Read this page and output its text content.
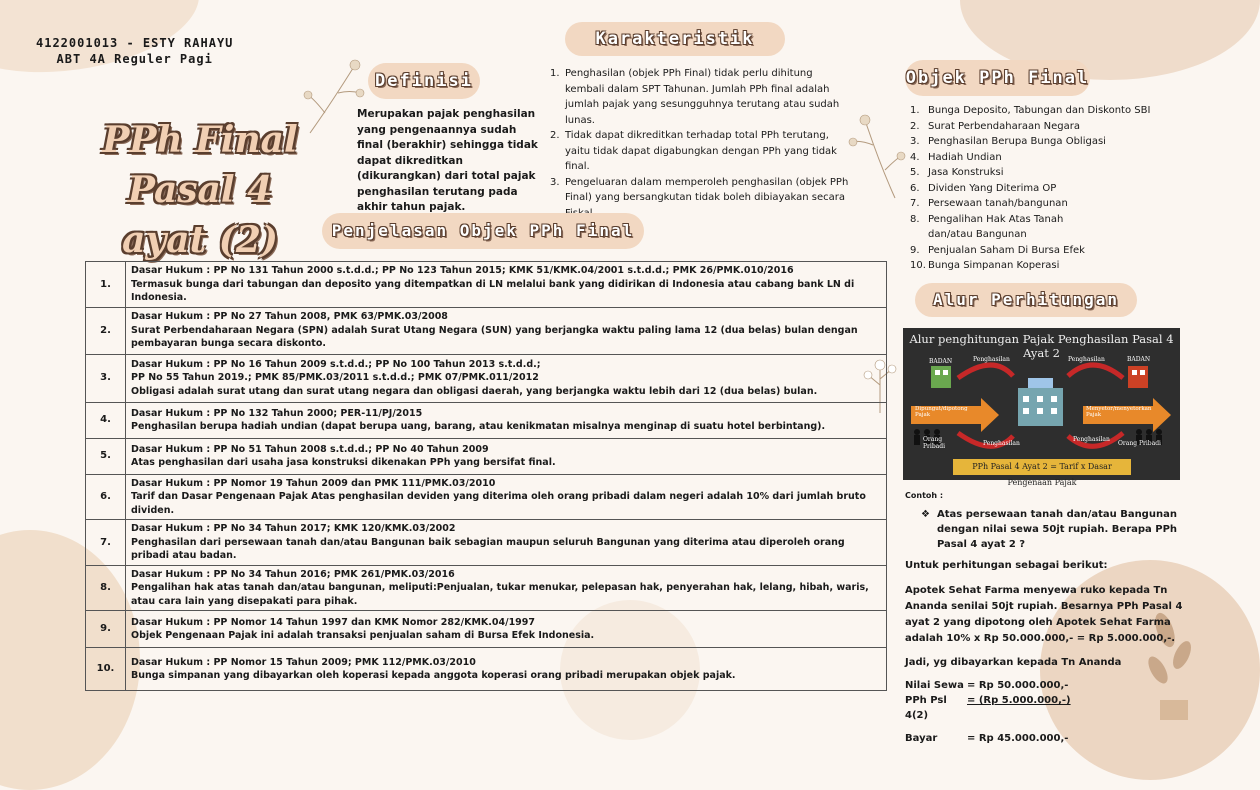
4122001013 - ESTY RAHAYU
ABT 4A Reguler Pagi
PPh Final
Pasal 4 ayat (2)
Definisi
Merupakan pajak penghasilan yang pengenaannya sudah final (berakhir) sehingga tidak dapat dikreditkan (dikurangkan) dari total pajak penghasilan terutang pada akhir tahun pajak.
Karakteristik
1. Penghasilan (objek PPh Final) tidak perlu dihitung kembali dalam SPT Tahunan. Jumlah PPh final adalah jumlah pajak yang sesungguhnya terutang atau sudah lunas.
2. Tidak dapat dikreditkan terhadap total PPh terutang, yaitu tidak dapat digabungkan dengan PPh yang tidak final.
3. Pengeluaran dalam memperoleh penghasilan (objek PPh Final) yang bersangkutan tidak boleh dibiayakan secara
Objek PPh Final
1. Bunga Deposito, Tabungan dan Diskonto SBI
2. Surat Perbendaharaan Negara
3. Penghasilan Berupa Bunga Obligasi
4. Hadiah Undian
5. Jasa Konstruksi
6. Dividen Yang Diterima OP
7. Persewaan tanah/bangunan
8. Pengalihan Hak Atas Tanah dan/atau Bangunan
9. Penjualan Saham Di Bursa Efek
10. Bunga Simpanan Koperasi
Penjelasan Objek PPh Final
1.	Dasar Hukum : PP No 131 Tahun 2000 s.t.d.d.; PP No 123 Tahun 2015; KMK 51/KMK.04/2001 s.t.d.d.; PMK 26/PMK.010/2016
Termasuk bunga dari tabungan dan deposito yang ditempatkan di LN melalui bank yang didirikan di Indonesia atau cabang bank LN di Indonesia.

2.	Dasar Hukum : PP No 27 Tahun 2008, PMK 63/PMK.03/2008
Surat Perbendaharaan Negara (SPN) adalah Surat Utang Negara (SUN) yang berjangka waktu paling lama 12 (dua belas) bulan dengan pembayaran bunga secara diskonto.

3.	Dasar Hukum : PP No 16 Tahun 2009 s.t.d.d.; PP No 100 Tahun 2013 s.t.d.d.;
PP No 55 Tahun 2019.; PMK 85/PMK.03/2011 s.t.d.d.; PMK 07/PMK.011/2012
Obligasi adalah surat utang dan surat utang negara dan obligasi daerah, yang berjangka waktu lebih dari 12 (dua belas) bulan.

4.	Dasar Hukum : PP No 132 Tahun 2000; PER-11/PJ/2015
Penghasilan berupa hadiah undian (dapat berupa uang, barang, atau kenikmatan misalnya menginap di suatu hotel berbintang).

5.	Dasar Hukum : PP No 51 Tahun 2008 s.t.d.d.; PP No 40 Tahun 2009
Atas penghasilan dari usaha jasa konstruksi dikenakan PPh yang bersifat final.

6.	Dasar Hukum : PP Nomor 19 Tahun 2009 dan PMK 111/PMK.03/2010
Tarif dan Dasar Pengenaan Pajak Atas penghasilan deviden yang diterima oleh orang pribadi dalam negeri adalah 10% dari jumlah bruto dividen.

7.	Dasar Hukum : PP No 34 Tahun 2017; KMK 120/KMK.03/2002
Penghasilan dari persewaan tanah dan/atau Bangunan baik sebagian maupun seluruh Bangunan yang diterima atau diperoleh orang pribadi atau badan.

8.	Dasar Hukum : PP No 34 Tahun 2016; PMK 261/PMK.03/2016
Pengalihan hak atas tanah dan/atau bangunan, meliputi:Penjualan, tukar menukar, pelepasan hak, penyerahan hak, lelang, hibah, waris, atau cara lain yang disepakati para pihak.

9.	Dasar Hukum : PP Nomor 14 Tahun 1997 dan KMK Nomor 282/KMK.04/1997
Objek Pengenaan Pajak ini adalah transaksi penjualan saham di Bursa Efek Indonesia.

10.	Dasar Hukum : PP Nomor 15 Tahun 2009; PMK 112/PMK.03/2010
Bunga simpanan yang dibayarkan oleh koperasi kepada anggota koperasi orang pribadi merupakan objek pajak.
Alur Perhitungan
Alur penghitungan Pajak Penghasilan Pasal 4 Ayat 2
BADAN	BADAN
Penghasilan	Penghasilan
Dipungut/dipotong Pajak
Menyetor/menyetorkan Pajak
Orang Pribadi	Penghasilan
Penghasilan
Orang Pribadi
PPh Pasal 4 Ayat 2 = Tarif x Dasar Pengenaan Pajak
Contoh :
❖ Atas persewaan tanah dan/atau Bangunan dengan nilai sewa 50jt rupiah. Berapa PPh Pasal 4 ayat 2 ?

Untuk perhitungan sebagai berikut:

Apotek Sehat Farma menyewa ruko kepada Tn Ananda senilai 50jt rupiah. Besarnya PPh Pasal 4 ayat 2 yang dipotong oleh Apotek Sehat Farma adalah 10% x Rp 50.000.000,- = Rp 5.000.000,-.

Jadi, yg dibayarkan kepada Tn Ananda

Nilai Sewa = Rp 50.000.000,-
PPh Psl 4(2)
= (Rp 5.000.000,-)
Bayar	= Rp 45.000.000,-
